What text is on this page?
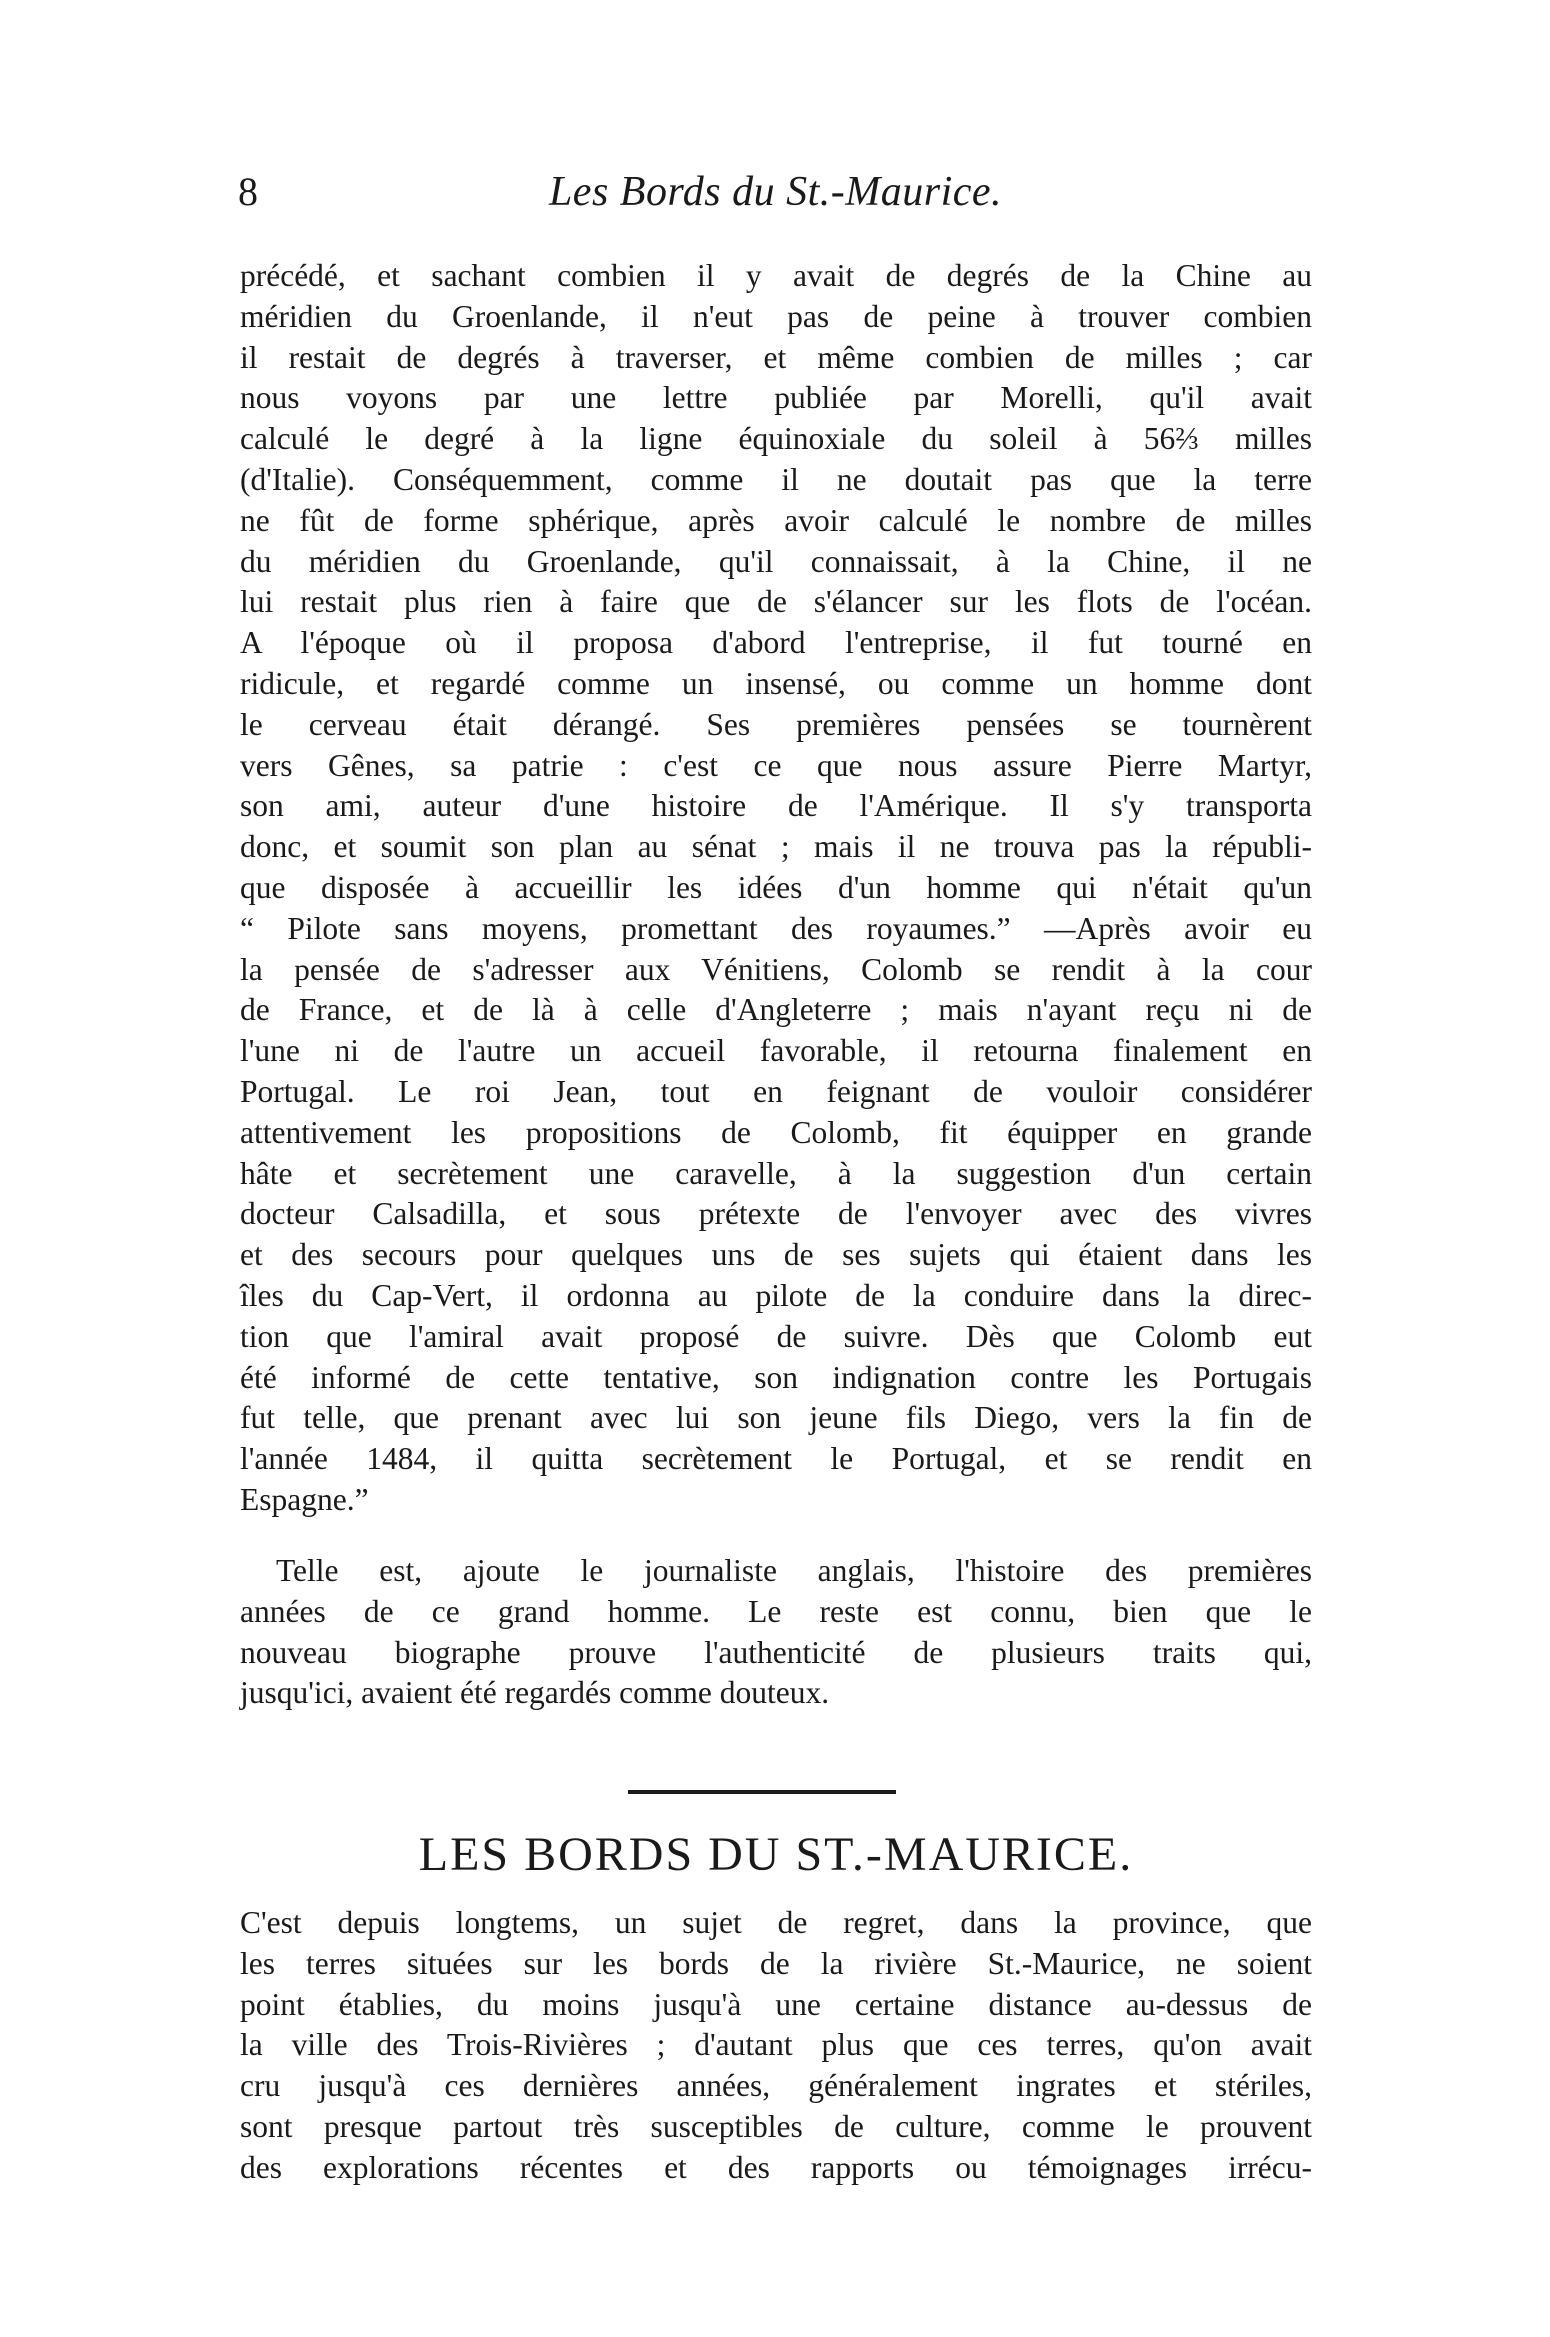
8	Les Bords du St.-Maurice.
précédé, et sachant combien il y avait de degrés de la Chine au
méridien du Groenlande, il n'eut pas de peine à trouver combien
il restait de degrés à traverser, et même combien de milles ; car
nous voyons par une lettre publiée par Morelli, qu'il avait
calculé le degré à la ligne équinoxiale du soleil à 56⅔ milles
(d'Italie). Conséquemment, comme il ne doutait pas que la terre
ne fût de forme sphérique, après avoir calculé le nombre de milles
du méridien du Groenlande, qu'il connaissait, à la Chine, il ne
lui restait plus rien à faire que de s'élancer sur les flots de l'océan.
A l'époque où il proposa d'abord l'entreprise, il fut tourné en
ridicule, et regardé comme un insensé, ou comme un homme dont
le cerveau était dérangé. Ses premières pensées se tournèrent
vers Gênes, sa patrie : c'est ce que nous assure Pierre Martyr,
son ami, auteur d'une histoire de l'Amérique. Il s'y transporta
donc, et soumit son plan au sénat ; mais il ne trouva pas la républi-
que disposée à accueillir les idées d'un homme qui n'était qu'un
“ Pilote sans moyens, promettant des royaumes.” —Après avoir eu
la pensée de s'adresser aux Vénitiens, Colomb se rendit à la cour
de France, et de là à celle d'Angleterre ; mais n'ayant reçu ni de
l'une ni de l'autre un accueil favorable, il retourna finalement en
Portugal. Le roi Jean, tout en feignant de vouloir considérer
attentivement les propositions de Colomb, fit équipper en grande
hâte et secrètement une caravelle, à la suggestion d'un certain
docteur Calsadilla, et sous prétexte de l'envoyer avec des vivres
et des secours pour quelques uns de ses sujets qui étaient dans les
îles du Cap-Vert, il ordonna au pilote de la conduire dans la direc-
tion que l'amiral avait proposé de suivre. Dès que Colomb eut
été informé de cette tentative, son indignation contre les Portugais
fut telle, que prenant avec lui son jeune fils Diego, vers la fin de
l'année 1484, il quitta secrètement le Portugal, et se rendit en
Espagne.”
Telle est, ajoute le journaliste anglais, l'histoire des premières
années de ce grand homme. Le reste est connu, bien que le
nouveau biographe prouve l'authenticité de plusieurs traits qui,
jusqu'ici, avaient été regardés comme douteux.
LES BORDS DU ST.-MAURICE.
C'est depuis longtems, un sujet de regret, dans la province, que
les terres situées sur les bords de la rivière St.-Maurice, ne soient
point établies, du moins jusqu'à une certaine distance au-dessus de
la ville des Trois-Rivières ; d'autant plus que ces terres, qu'on avait
cru jusqu'à ces dernières années, généralement ingrates et stériles,
sont presque partout très susceptibles de culture, comme le prouvent
des explorations récentes et des rapports ou témoignages irrécu-
